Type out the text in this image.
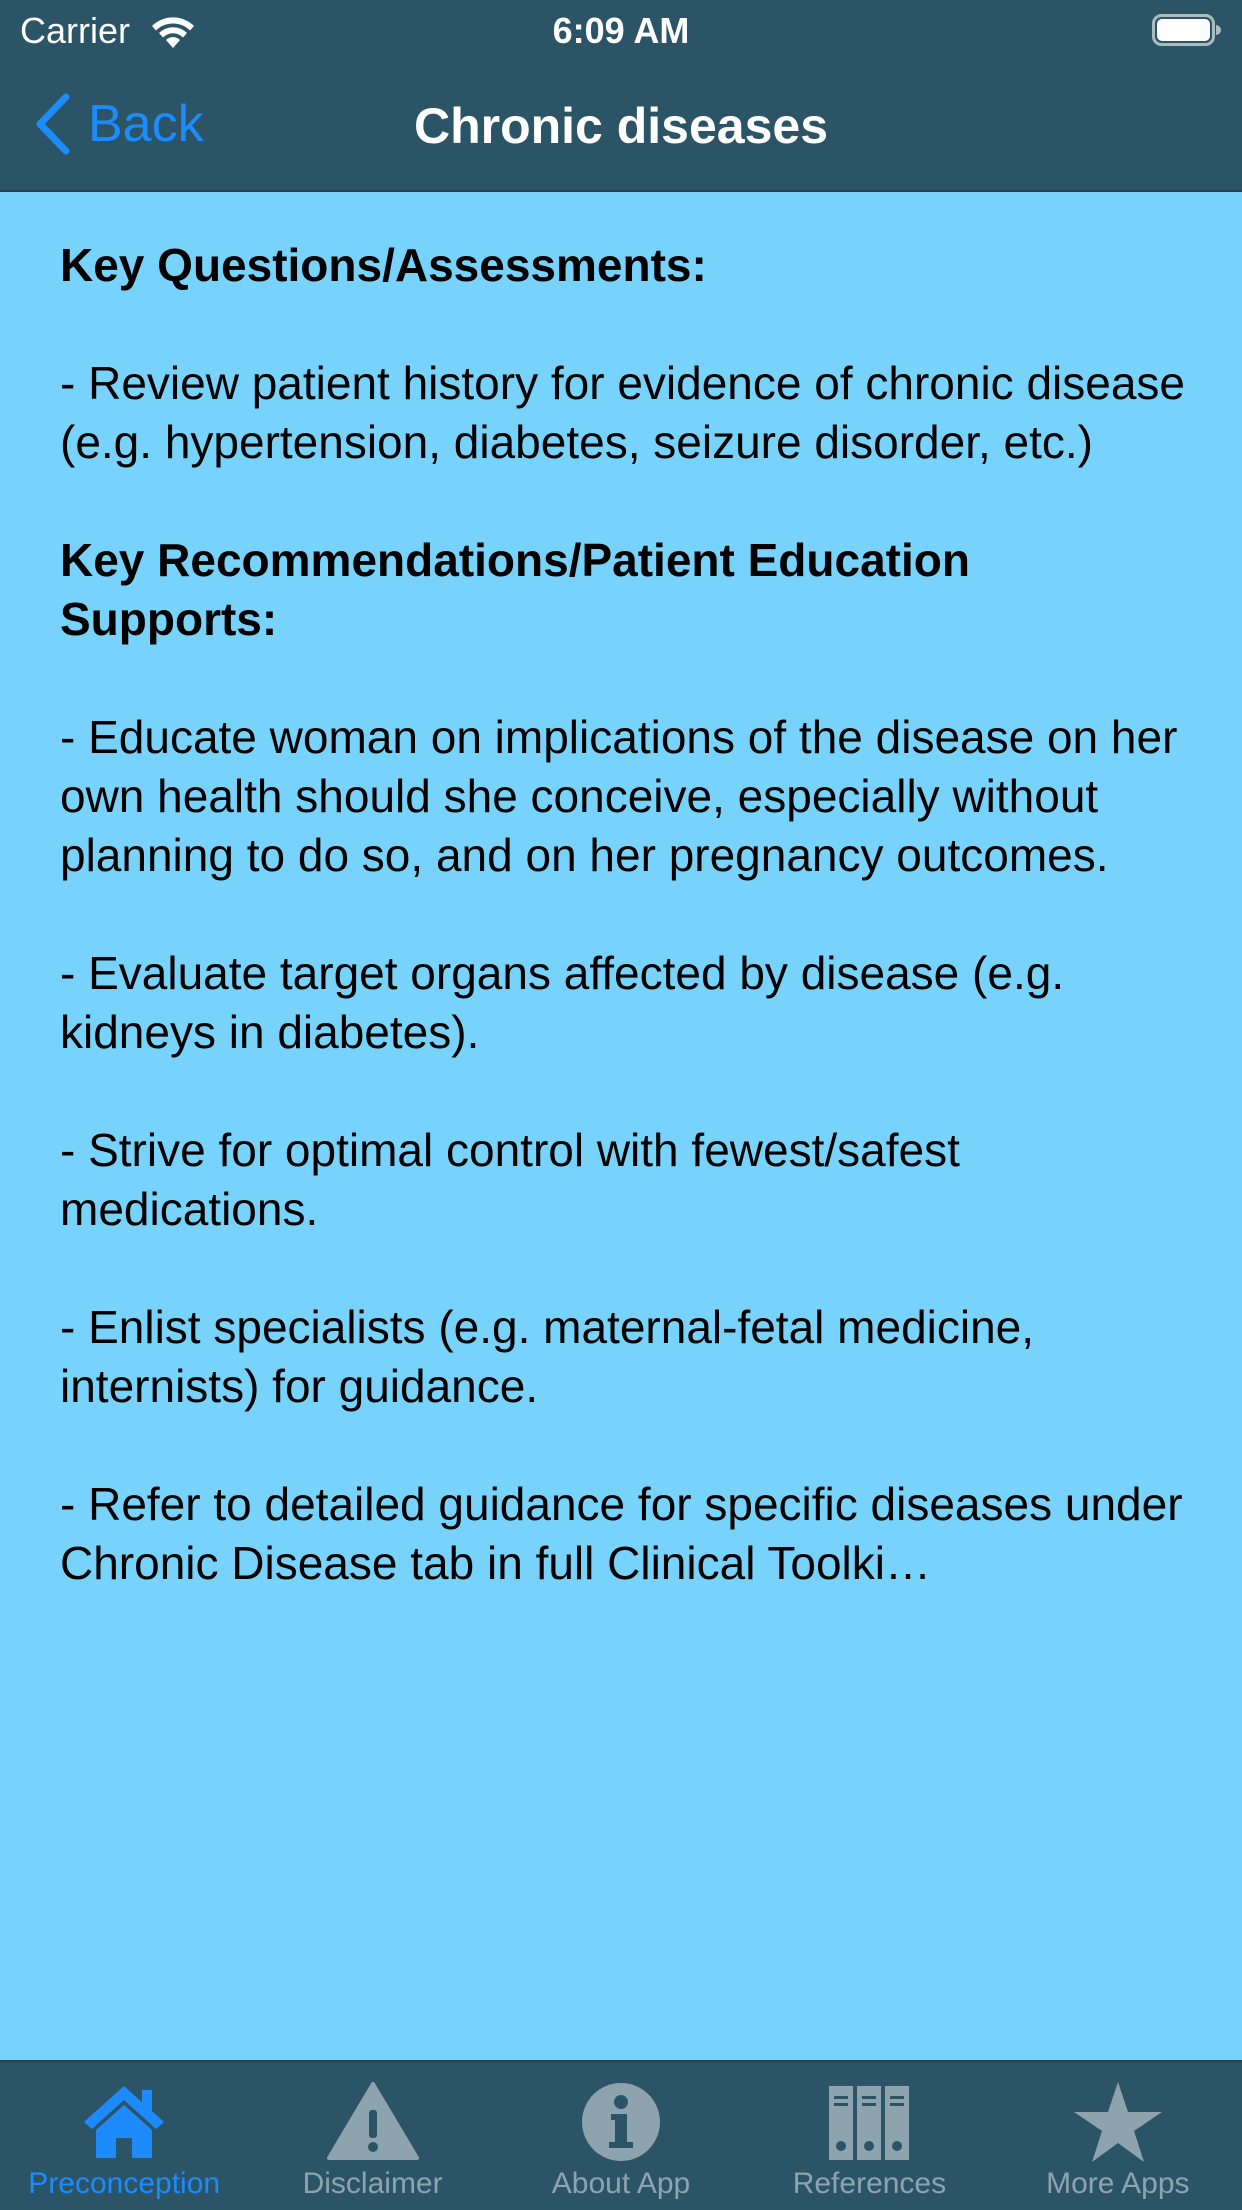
Carrier	6:09 AM
Back	Chronic diseases

Key Questions/Assessments:

- Review patient history for evidence of chronic disease (e.g. hypertension, diabetes, seizure disorder, etc.)

Key Recommendations/Patient Education Supports:

- Educate woman on implications of the disease on her own health should she conceive, especially without planning to do so, and on her pregnancy outcomes.

- Evaluate target organs affected by disease (e.g. kidneys in diabetes).

- Strive for optimal control with fewest/safest medications.

- Enlist specialists (e.g. maternal-fetal medicine, internists) for guidance.

- Refer to detailed guidance for specific diseases under Chronic Disease tab in full Clinical Toolki…

Preconception	Disclaimer	About App	References	More Apps
